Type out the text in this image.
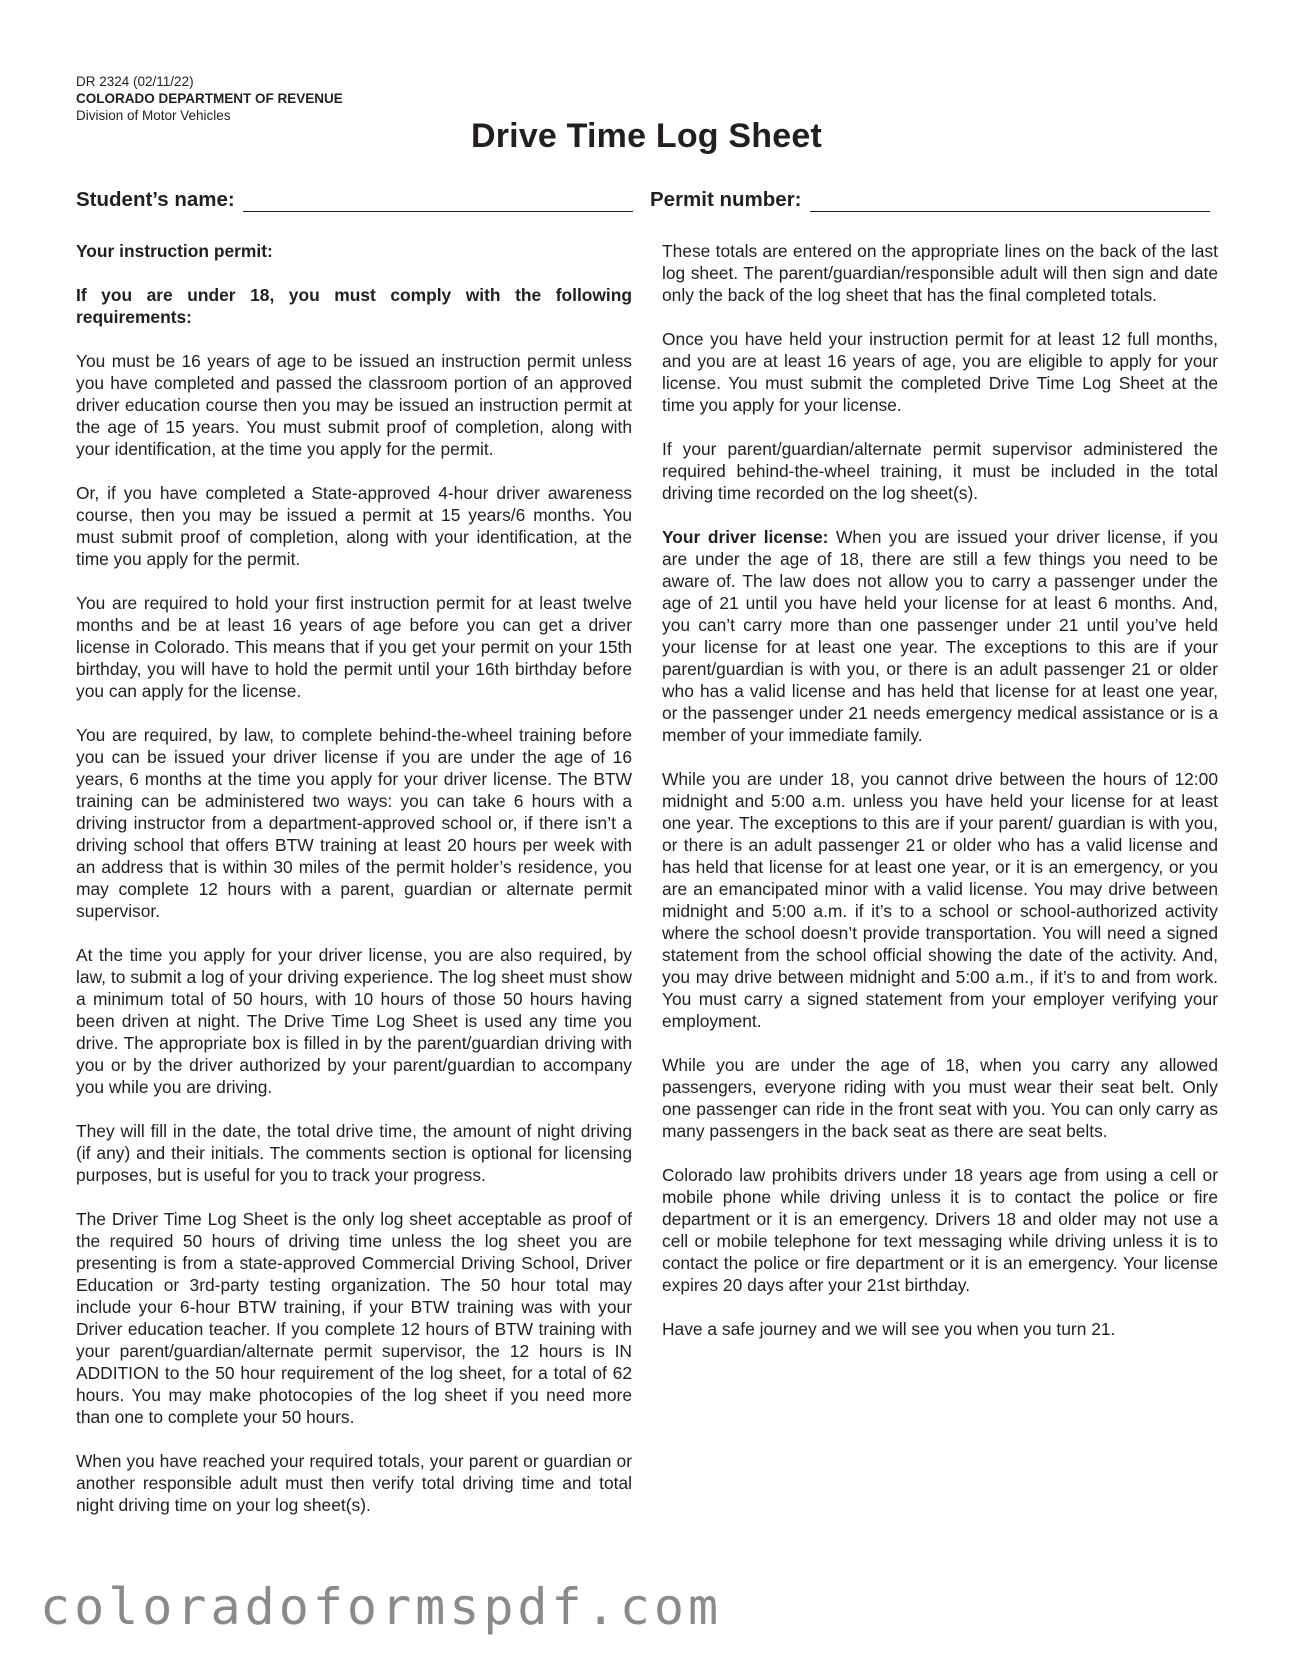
DR 2324 (02/11/22)
COLORADO DEPARTMENT OF REVENUE
Division of Motor Vehicles
Drive Time Log Sheet
Student’s name:	Permit number:

Your instruction permit:

If you are under 18, you must comply with the following requirements:

You must be 16 years of age to be issued an instruction permit unless you have completed and passed the classroom portion of an approved driver education course then you may be issued an instruction permit at the age of 15 years. You must submit proof of completion, along with your identification, at the time you apply for the permit.

Or, if you have completed a State-approved 4-hour driver awareness course, then you may be issued a permit at 15 years/6 months. You must submit proof of completion, along with your identification, at the time you apply for the permit.

You are required to hold your first instruction permit for at least twelve months and be at least 16 years of age before you can get a driver license in Colorado. This means that if you get your permit on your 15th birthday, you will have to hold the permit until your 16th birthday before you can apply for the license.

You are required, by law, to complete behind-the-wheel training before you can be issued your driver license if you are under the age of 16 years, 6 months at the time you apply for your driver license. The BTW training can be administered two ways: you can take 6 hours with a driving instructor from a department-approved school or, if there isn’t a driving school that offers BTW training at least 20 hours per week with an address that is within 30 miles of the permit holder’s residence, you may complete 12 hours with a parent, guardian or alternate permit supervisor.

At the time you apply for your driver license, you are also required, by law, to submit a log of your driving experience. The log sheet must show a minimum total of 50 hours, with 10 hours of those 50 hours having been driven at night. The Drive Time Log Sheet is used any time you drive. The appropriate box is filled in by the parent/guardian driving with you or by the driver authorized by your parent/guardian to accompany you while you are driving.

They will fill in the date, the total drive time, the amount of night driving (if any) and their initials. The comments section is optional for licensing purposes, but is useful for you to track your progress.

The Driver Time Log Sheet is the only log sheet acceptable as proof of the required 50 hours of driving time unless the log sheet you are presenting is from a state-approved Commercial Driving School, Driver Education or 3rd-party testing organization. The 50 hour total may include your 6-hour BTW training, if your BTW training was with your Driver education teacher. If you complete 12 hours of BTW training with your parent/guardian/alternate permit supervisor, the 12 hours is IN ADDITION to the 50 hour requirement of the log sheet, for a total of 62 hours. You may make photocopies of the log sheet if you need more than one to complete your 50 hours.

When you have reached your required totals, your parent or guardian or another responsible adult must then verify total driving time and total night driving time on your log sheet(s).

These totals are entered on the appropriate lines on the back of the last log sheet. The parent/guardian/responsible adult will then sign and date only the back of the log sheet that has the final completed totals.

Once you have held your instruction permit for at least 12 full months, and you are at least 16 years of age, you are eligible to apply for your license. You must submit the completed Drive Time Log Sheet at the time you apply for your license.

If your parent/guardian/alternate permit supervisor administered the required behind-the-wheel training, it must be included in the total driving time recorded on the log sheet(s).

Your driver license: When you are issued your driver license, if you are under the age of 18, there are still a few things you need to be aware of. The law does not allow you to carry a passenger under the age of 21 until you have held your license for at least 6 months. And, you can’t carry more than one passenger under 21 until you’ve held your license for at least one year. The exceptions to this are if your parent/guardian is with you, or there is an adult passenger 21 or older who has a valid license and has held that license for at least one year, or the passenger under 21 needs emergency medical assistance or is a member of your immediate family.

While you are under 18, you cannot drive between the hours of 12:00 midnight and 5:00 a.m. unless you have held your license for at least one year. The exceptions to this are if your parent/ guardian is with you, or there is an adult passenger 21 or older who has a valid license and has held that license for at least one year, or it is an emergency, or you are an emancipated minor with a valid license. You may drive between midnight and 5:00 a.m. if it’s to a school or school-authorized activity where the school doesn’t provide transportation. You will need a signed statement from the school official showing the date of the activity. And, you may drive between midnight and 5:00 a.m., if it’s to and from work. You must carry a signed statement from your employer verifying your employment.

While you are under the age of 18, when you carry any allowed passengers, everyone riding with you must wear their seat belt. Only one passenger can ride in the front seat with you. You can only carry as many passengers in the back seat as there are seat belts.

Colorado law prohibits drivers under 18 years age from using a cell or mobile phone while driving unless it is to contact the police or fire department or it is an emergency. Drivers 18 and older may not use a cell or mobile telephone for text messaging while driving unless it is to contact the police or fire department or it is an emergency. Your license expires 20 days after your 21st birthday.

Have a safe journey and we will see you when you turn 21.

coloradoformspdf.com
